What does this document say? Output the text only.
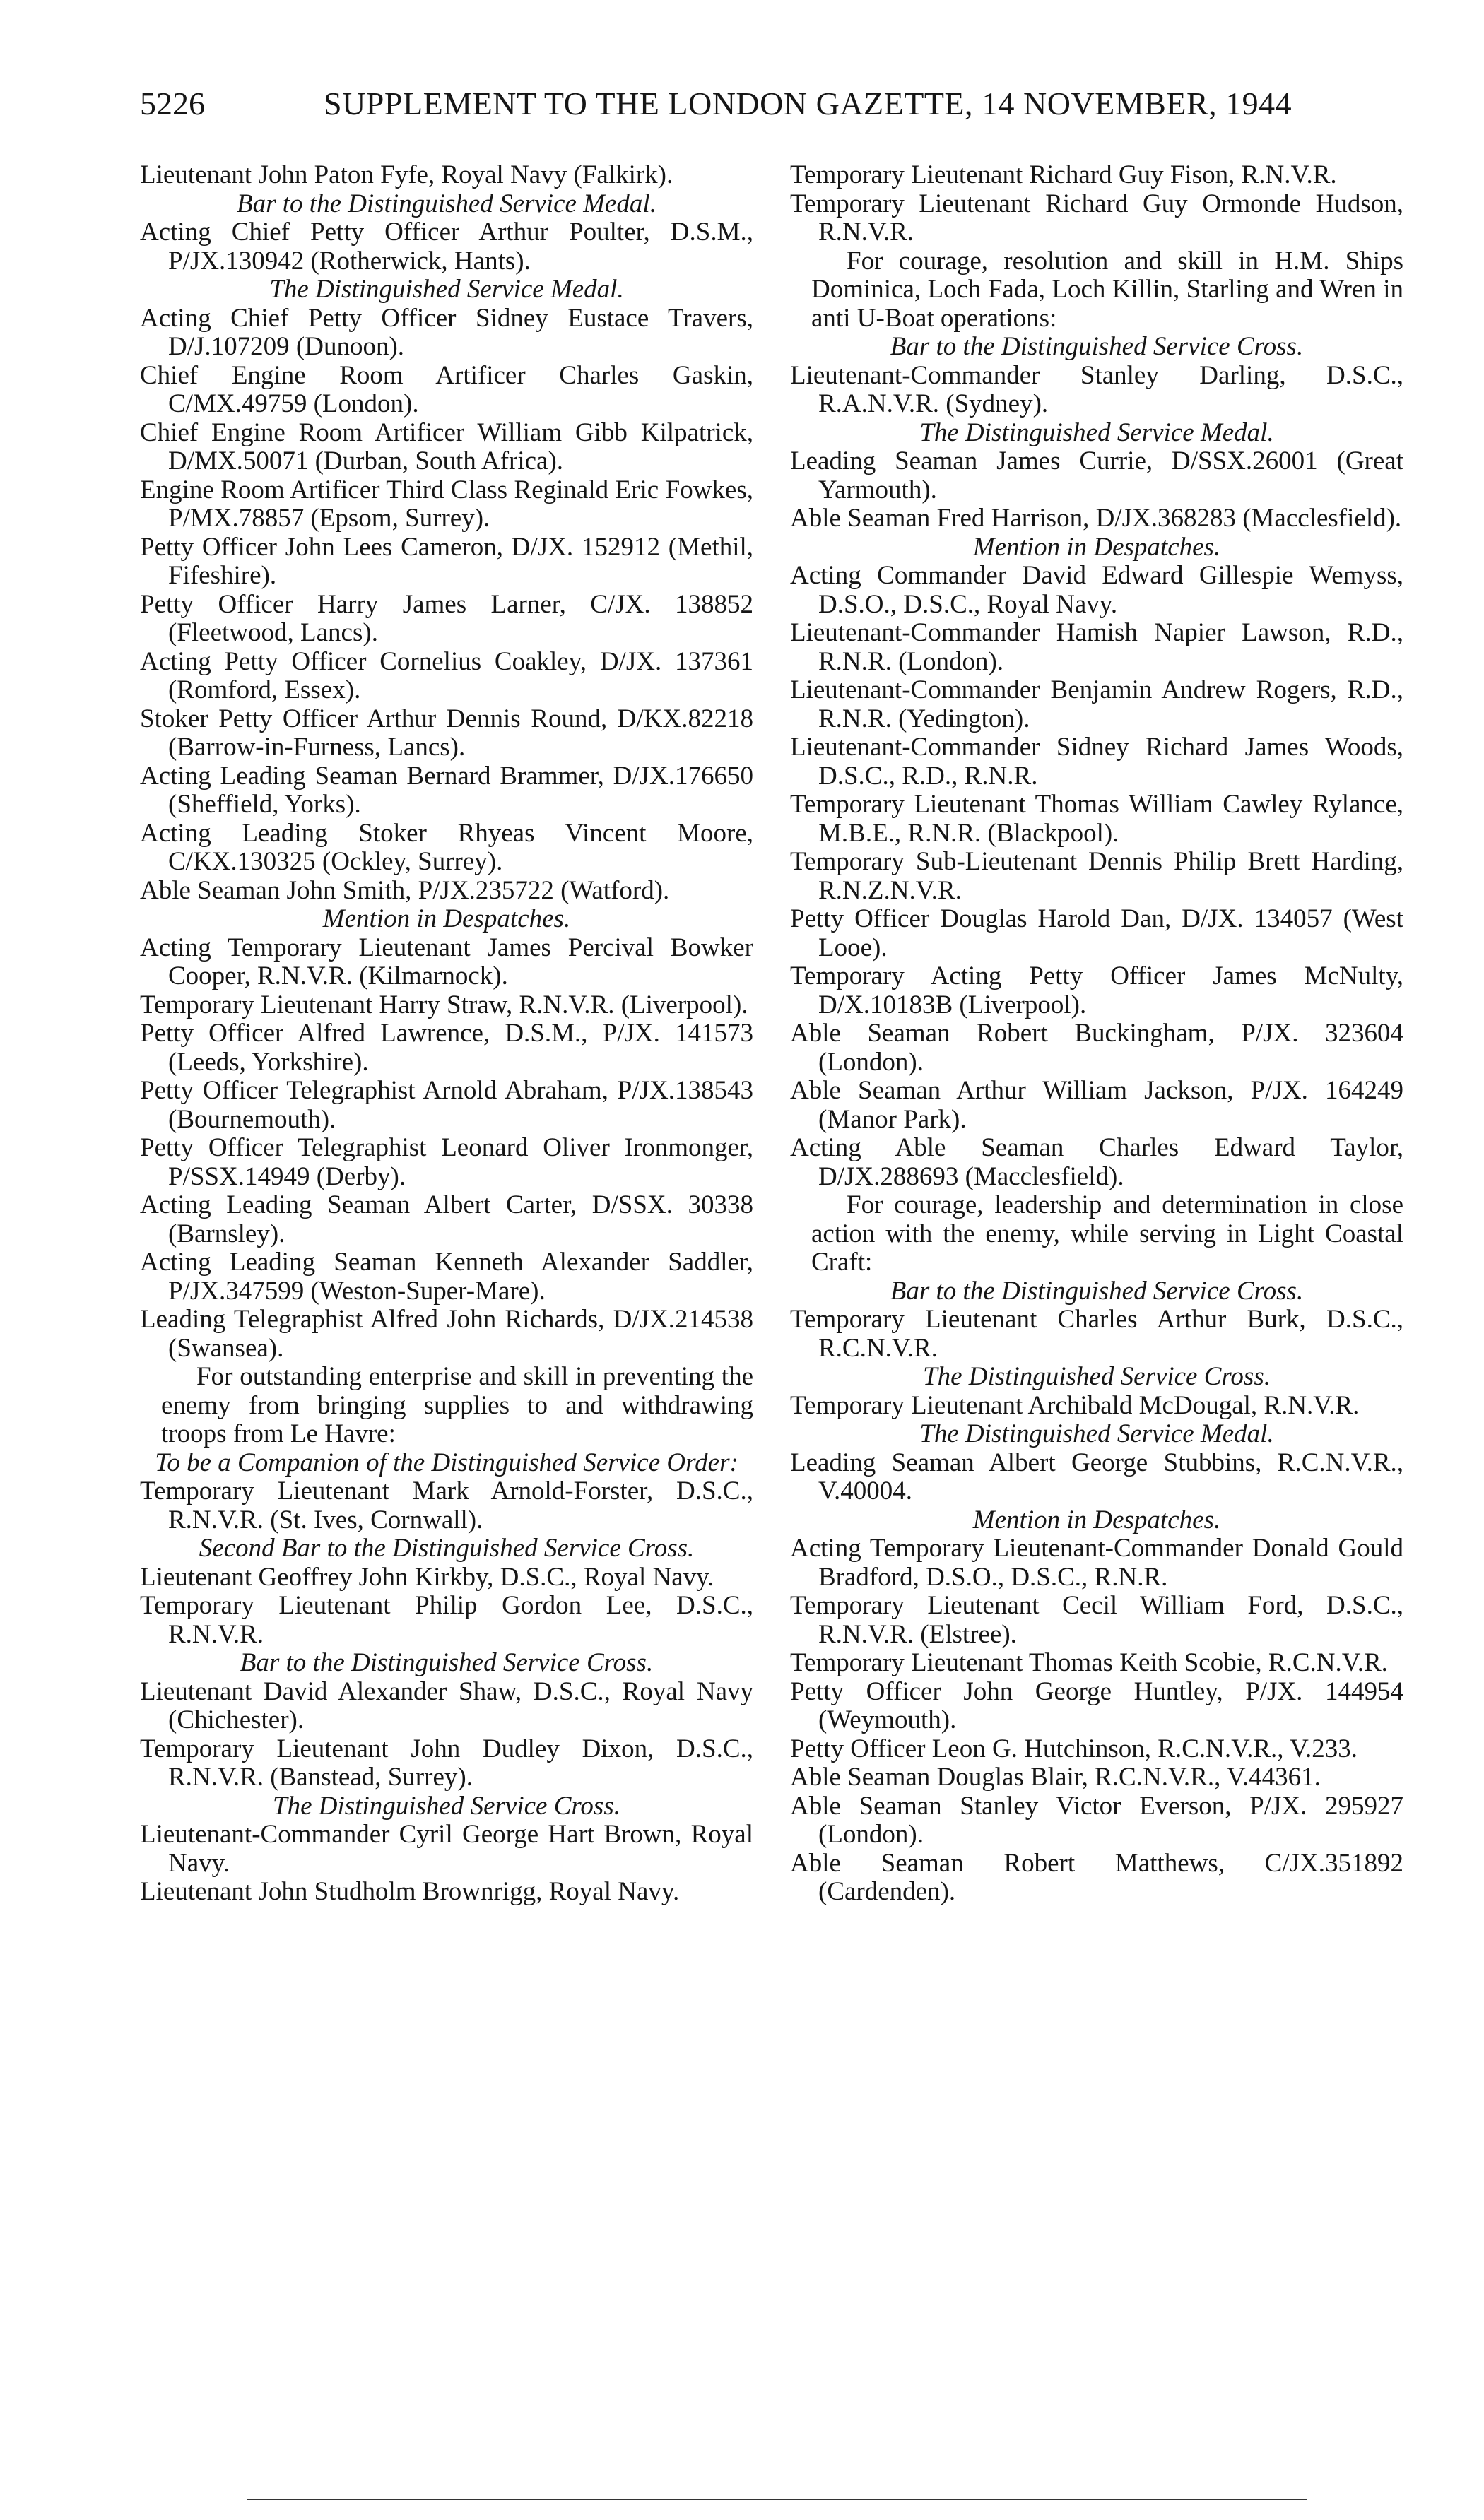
5226	SUPPLEMENT TO THE LONDON GAZETTE, 14 NOVEMBER, 1944

Lieutenant John Paton Fyfe, Royal Navy (Falkirk).

Bar to the Distinguished Service Medal.

Acting Chief Petty Officer Arthur Poulter, D.S.M., P/JX.130942 (Rotherwick, Hants).

The Distinguished Service Medal.

Acting Chief Petty Officer Sidney Eustace Travers, D/J.107209 (Dunoon).

Chief Engine Room Artificer Charles Gaskin, C/MX.49759 (London).

Chief Engine Room Artificer William Gibb Kilpatrick, D/MX.50071 (Durban, South Africa).

Engine Room Artificer Third Class Reginald Eric Fowkes, P/MX.78857 (Epsom, Surrey).

Petty Officer John Lees Cameron, D/JX. 152912 (Methil, Fifeshire).

Petty Officer Harry James Larner, C/JX. 138852 (Fleetwood, Lancs).

Acting Petty Officer Cornelius Coakley, D/JX. 137361 (Romford, Essex).

Stoker Petty Officer Arthur Dennis Round, D/KX.82218 (Barrow-in-Furness, Lancs).

Acting Leading Seaman Bernard Brammer, D/JX.176650 (Sheffield, Yorks).

Acting Leading Stoker Rhyeas Vincent Moore, C/KX.130325 (Ockley, Surrey).

Able Seaman John Smith, P/JX.235722 (Watford).

Mention in Despatches.

Acting Temporary Lieutenant James Percival Bowker Cooper, R.N.V.R. (Kilmarnock).

Temporary Lieutenant Harry Straw, R.N.V.R. (Liverpool).

Petty Officer Alfred Lawrence, D.S.M., P/JX. 141573 (Leeds, Yorkshire).

Petty Officer Telegraphist Arnold Abraham, P/JX.138543 (Bournemouth).

Petty Officer Telegraphist Leonard Oliver Ironmonger, P/SSX.14949 (Derby).

Acting Leading Seaman Albert Carter, D/SSX. 30338 (Barnsley).

Acting Leading Seaman Kenneth Alexander Saddler, P/JX.347599 (Weston-Super-Mare).

Leading Telegraphist Alfred John Richards, D/JX.214538 (Swansea).

For outstanding enterprise and skill in preventing the enemy from bringing supplies to and withdrawing troops from Le Havre:

To be a Companion of the Distinguished Service Order:

Temporary Lieutenant Mark Arnold-Forster, D.S.C., R.N.V.R. (St. Ives, Cornwall).

Second Bar to the Distinguished Service Cross.

Lieutenant Geoffrey John Kirkby, D.S.C., Royal Navy.

Temporary Lieutenant Philip Gordon Lee, D.S.C., R.N.V.R.

Bar to the Distinguished Service Cross.

Lieutenant David Alexander Shaw, D.S.C., Royal Navy (Chichester).

Temporary Lieutenant John Dudley Dixon, D.S.C., R.N.V.R. (Banstead, Surrey).

The Distinguished Service Cross.

Lieutenant-Commander Cyril George Hart Brown, Royal Navy.

Lieutenant John Studholm Brownrigg, Royal Navy.

Temporary Lieutenant Richard Guy Fison, R.N.V.R.

Temporary Lieutenant Richard Guy Ormonde Hudson, R.N.V.R.

For courage, resolution and skill in H.M. Ships Dominica, Loch Fada, Loch Killin, Starling and Wren in anti U-Boat operations:

Bar to the Distinguished Service Cross.

Lieutenant-Commander Stanley Darling, D.S.C., R.A.N.V.R. (Sydney).

The Distinguished Service Medal.

Leading Seaman James Currie, D/SSX.26001 (Great Yarmouth).

Able Seaman Fred Harrison, D/JX.368283 (Macclesfield).

Mention in Despatches.

Acting Commander David Edward Gillespie Wemyss, D.S.O., D.S.C., Royal Navy.

Lieutenant-Commander Hamish Napier Lawson, R.D., R.N.R. (London).

Lieutenant-Commander Benjamin Andrew Rogers, R.D., R.N.R. (Yedington).

Lieutenant-Commander Sidney Richard James Woods, D.S.C., R.D., R.N.R.

Temporary Lieutenant Thomas William Cawley Rylance, M.B.E., R.N.R. (Blackpool).

Temporary Sub-Lieutenant Dennis Philip Brett Harding, R.N.Z.N.V.R.

Petty Officer Douglas Harold Dan, D/JX. 134057 (West Looe).

Temporary Acting Petty Officer James McNulty, D/X.10183B (Liverpool).

Able Seaman Robert Buckingham, P/JX. 323604 (London).

Able Seaman Arthur William Jackson, P/JX. 164249 (Manor Park).

Acting Able Seaman Charles Edward Taylor, D/JX.288693 (Macclesfield).

For courage, leadership and determination in close action with the enemy, while serving in Light Coastal Craft:

Bar to the Distinguished Service Cross.

Temporary Lieutenant Charles Arthur Burk, D.S.C., R.C.N.V.R.

The Distinguished Service Cross.

Temporary Lieutenant Archibald McDougal, R.N.V.R.

The Distinguished Service Medal.

Leading Seaman Albert George Stubbins, R.C.N.V.R., V.40004.

Mention in Despatches.

Acting Temporary Lieutenant-Commander Donald Gould Bradford, D.S.O., D.S.C., R.N.R.

Temporary Lieutenant Cecil William Ford, D.S.C., R.N.V.R. (Elstree).

Temporary Lieutenant Thomas Keith Scobie, R.C.N.V.R.

Petty Officer John George Huntley, P/JX. 144954 (Weymouth).

Petty Officer Leon G. Hutchinson, R.C.N.V.R., V.233.

Able Seaman Douglas Blair, R.C.N.V.R., V.44361.

Able Seaman Stanley Victor Everson, P/JX. 295927 (London).

Able Seaman Robert Matthews, C/JX.351892 (Cardenden).
